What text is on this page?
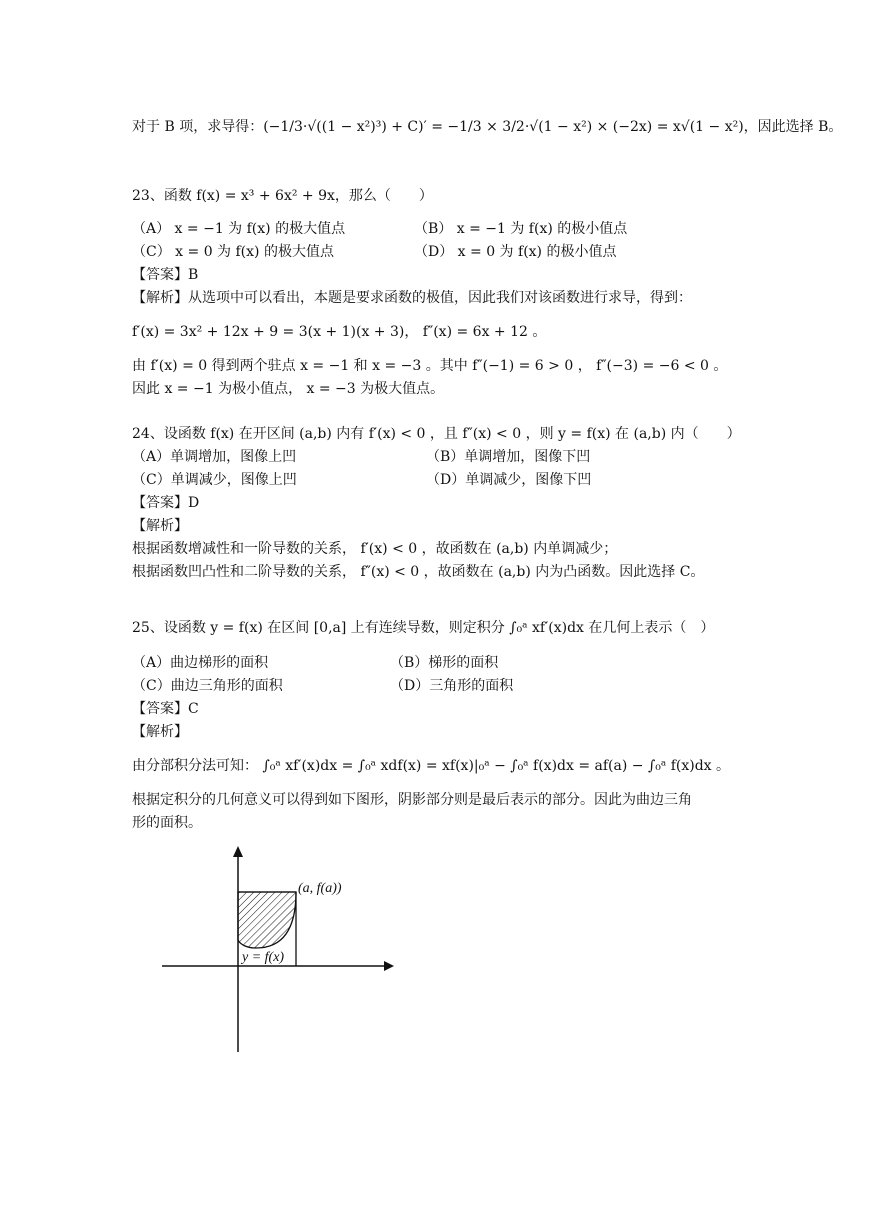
对于 B 项，求导得：(−1/3·√((1 − x²)³) + C)′ = −1/3 × 3/2·√(1 − x²) × (−2x) = x√(1 − x²)，因此选择 B。
23、函数 f(x) = x³ + 6x² + 9x，那么（　　）
（A） x = −1 为 f(x) 的极大值点	（B） x = −1 为 f(x) 的极小值点
（C） x = 0 为 f(x) 的极大值点	（D） x = 0 为 f(x) 的极小值点
【答案】B
【解析】从选项中可以看出，本题是要求函数的极值，因此我们对该函数进行求导，得到：
f′(x) = 3x² + 12x + 9 = 3(x + 1)(x + 3)， f″(x) = 6x + 12 。
由 f′(x) = 0 得到两个驻点 x = −1 和 x = −3 。其中 f″(−1) = 6 > 0 ， f″(−3) = −6 < 0 。
因此 x = −1 为极小值点， x = −3 为极大值点。
24、设函数 f(x) 在开区间 (a,b) 内有 f′(x) < 0 ，且 f″(x) < 0 ，则 y = f(x) 在 (a,b) 内（　　）
（A）单调增加，图像上凹	（B）单调增加，图像下凹
（C）单调减少，图像上凹	（D）单调减少，图像下凹
【答案】D
【解析】
根据函数增减性和一阶导数的关系， f′(x) < 0 ，故函数在 (a,b) 内单调减少；
根据函数凹凸性和二阶导数的关系， f″(x) < 0 ，故函数在 (a,b) 内为凸函数。因此选择 C。
25、设函数 y = f(x) 在区间 [0,a] 上有连续导数，则定积分 ∫₀ᵃ xf′(x)dx 在几何上表示（　）
（A）曲边梯形的面积	（B）梯形的面积
（C）曲边三角形的面积	（D）三角形的面积
【答案】C
【解析】
由分部积分法可知： ∫₀ᵃ xf′(x)dx = ∫₀ᵃ xdf(x) = xf(x)|₀ᵃ − ∫₀ᵃ f(x)dx = af(a) − ∫₀ᵃ f(x)dx 。
根据定积分的几何意义可以得到如下图形，阴影部分则是最后表示的部分。因此为曲边三角
形的面积。
(a, f(a))
y = f(x)
